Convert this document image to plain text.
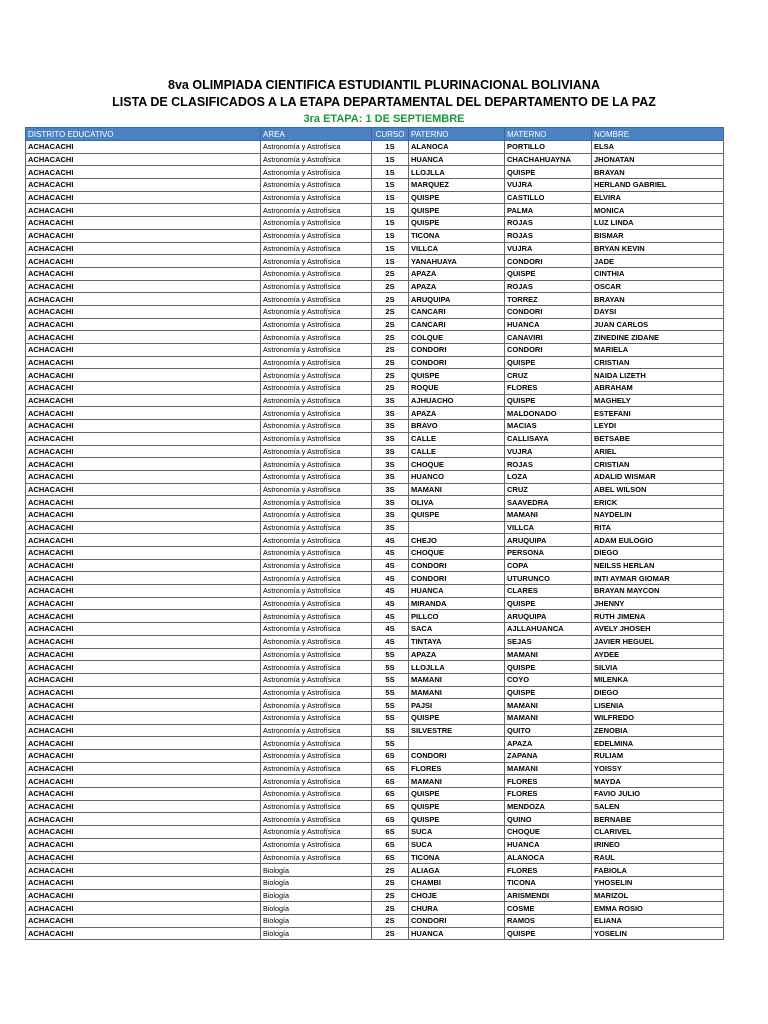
8va OLIMPIADA CIENTIFICA ESTUDIANTIL PLURINACIONAL BOLIVIANA
LISTA DE CLASIFICADOS A LA ETAPA DEPARTAMENTAL DEL DEPARTAMENTO DE LA PAZ
3ra ETAPA: 1 DE SEPTIEMBRE
DISTRITO EDUCATIVO	AREA	CURSO	PATERNO	MATERNO	NOMBRE
ACHACACHI	Astronomía y Astrofísica	1S	ALANOCA	PORTILLO	ELSA
ACHACACHI	Astronomía y Astrofísica	1S	HUANCA	CHACHAHUAYNA	JHONATAN
ACHACACHI	Astronomía y Astrofísica	1S	LLOJLLA	QUISPE	BRAYAN
ACHACACHI	Astronomía y Astrofísica	1S	MARQUEZ	VUJRA	HERLAND GABRIEL
ACHACACHI	Astronomía y Astrofísica	1S	QUISPE	CASTILLO	ELVIRA
ACHACACHI	Astronomía y Astrofísica	1S	QUISPE	PALMA	MONICA
ACHACACHI	Astronomía y Astrofísica	1S	QUISPE	ROJAS	LUZ LINDA
ACHACACHI	Astronomía y Astrofísica	1S	TICONA	ROJAS	BISMAR
ACHACACHI	Astronomía y Astrofísica	1S	VILLCA	VUJRA	BRYAN KEVIN
ACHACACHI	Astronomía y Astrofísica	1S	YANAHUAYA	CONDORI	JADE
ACHACACHI	Astronomía y Astrofísica	2S	APAZA	QUISPE	CINTHIA
ACHACACHI	Astronomía y Astrofísica	2S	APAZA	ROJAS	OSCAR
ACHACACHI	Astronomía y Astrofísica	2S	ARUQUIPA	TORREZ	BRAYAN
ACHACACHI	Astronomía y Astrofísica	2S	CANCARI	CONDORI	DAYSI
ACHACACHI	Astronomía y Astrofísica	2S	CANCARI	HUANCA	JUAN CARLOS
ACHACACHI	Astronomía y Astrofísica	2S	COLQUE	CANAVIRI	ZINEDINE ZIDANE
ACHACACHI	Astronomía y Astrofísica	2S	CONDORI	CONDORI	MARIELA
ACHACACHI	Astronomía y Astrofísica	2S	CONDORI	QUISPE	CRISTIAN
ACHACACHI	Astronomía y Astrofísica	2S	QUISPE	CRUZ	NAIDA LIZETH
ACHACACHI	Astronomía y Astrofísica	2S	ROQUE	FLORES	ABRAHAM
ACHACACHI	Astronomía y Astrofísica	3S	AJHUACHO	QUISPE	MAGHELY
ACHACACHI	Astronomía y Astrofísica	3S	APAZA	MALDONADO	ESTEFANI
ACHACACHI	Astronomía y Astrofísica	3S	BRAVO	MACIAS	LEYDI
ACHACACHI	Astronomía y Astrofísica	3S	CALLE	CALLISAYA	BETSABE
ACHACACHI	Astronomía y Astrofísica	3S	CALLE	VUJRA	ARIEL
ACHACACHI	Astronomía y Astrofísica	3S	CHOQUE	ROJAS	CRISTIAN
ACHACACHI	Astronomía y Astrofísica	3S	HUANCO	LOZA	ADALID WISMAR
ACHACACHI	Astronomía y Astrofísica	3S	MAMANI	CRUZ	ABEL WILSON
ACHACACHI	Astronomía y Astrofísica	3S	OLIVA	SAAVEDRA	ERICK
ACHACACHI	Astronomía y Astrofísica	3S	QUISPE	MAMANI	NAYDELIN
ACHACACHI	Astronomía y Astrofísica	3S		VILLCA	RITA
ACHACACHI	Astronomía y Astrofísica	4S	CHEJO	ARUQUIPA	ADAM EULOGIO
ACHACACHI	Astronomía y Astrofísica	4S	CHOQUE	PERSONA	DIEGO
ACHACACHI	Astronomía y Astrofísica	4S	CONDORI	COPA	NEILSS HERLAN
ACHACACHI	Astronomía y Astrofísica	4S	CONDORI	UTURUNCO	INTI AYMAR GIOMAR
ACHACACHI	Astronomía y Astrofísica	4S	HUANCA	CLARES	BRAYAN MAYCON
ACHACACHI	Astronomía y Astrofísica	4S	MIRANDA	QUISPE	JHENNY
ACHACACHI	Astronomía y Astrofísica	4S	PILLCO	ARUQUIPA	RUTH JIMENA
ACHACACHI	Astronomía y Astrofísica	4S	SACA	AJLLAHUANCA	AVELY JHOSEH
ACHACACHI	Astronomía y Astrofísica	4S	TINTAYA	SEJAS	JAVIER HEGUEL
ACHACACHI	Astronomía y Astrofísica	5S	APAZA	MAMANI	AYDEE
ACHACACHI	Astronomía y Astrofísica	5S	LLOJLLA	QUISPE	SILVIA
ACHACACHI	Astronomía y Astrofísica	5S	MAMANI	COYO	MILENKA
ACHACACHI	Astronomía y Astrofísica	5S	MAMANI	QUISPE	DIEGO
ACHACACHI	Astronomía y Astrofísica	5S	PAJSI	MAMANI	LISENIA
ACHACACHI	Astronomía y Astrofísica	5S	QUISPE	MAMANI	WILFREDO
ACHACACHI	Astronomía y Astrofísica	5S	SILVESTRE	QUITO	ZENOBIA
ACHACACHI	Astronomía y Astrofísica	5S		APAZA	EDELMINA
ACHACACHI	Astronomía y Astrofísica	6S	CONDORI	ZAPANA	RULIAM
ACHACACHI	Astronomía y Astrofísica	6S	FLORES	MAMANI	YOISSY
ACHACACHI	Astronomía y Astrofísica	6S	MAMANI	FLORES	MAYDA
ACHACACHI	Astronomía y Astrofísica	6S	QUISPE	FLORES	FAVIO JULIO
ACHACACHI	Astronomía y Astrofísica	6S	QUISPE	MENDOZA	SALEN
ACHACACHI	Astronomía y Astrofísica	6S	QUISPE	QUINO	BERNABE
ACHACACHI	Astronomía y Astrofísica	6S	SUCA	CHOQUE	CLARIVEL
ACHACACHI	Astronomía y Astrofísica	6S	SUCA	HUANCA	IRINEO
ACHACACHI	Astronomía y Astrofísica	6S	TICONA	ALANOCA	RAUL
ACHACACHI	Biología	2S	ALIAGA	FLORES	FABIOLA
ACHACACHI	Biología	2S	CHAMBI	TICONA	YHOSELIN
ACHACACHI	Biología	2S	CHOJE	ARISMENDI	MARIZOL
ACHACACHI	Biología	2S	CHURA	COSME	EMMA ROSIO
ACHACACHI	Biología	2S	CONDORI	RAMOS	ELIANA
ACHACACHI	Biología	2S	HUANCA	QUISPE	YOSELIN
